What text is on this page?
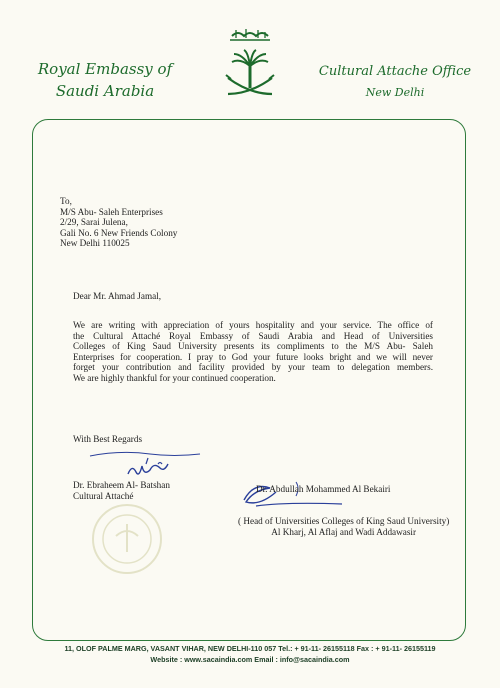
Royal Embassy of
Saudi Arabia
Cultural Attache Office
New Delhi
To,
M/S Abu- Saleh Enterprises
2/29, Sarai Julena,
Gali No. 6 New Friends Colony
New Delhi 110025
Dear Mr. Ahmad Jamal,
We are writing with appreciation of yours hospitality and your service. The office of
the Cultural Attaché Royal Embassy of Saudi Arabia and Head of Universities
Colleges of King Saud University presents its compliments to the M/S Abu- Saleh
Enterprises for cooperation. I pray to God your future looks bright and we will never
forget your contribution and facility provided by your team to delegation members.
We are highly thankful for your continued cooperation.
With Best Regards
Dr. Ebraheem Al- Batshan
Cultural Attaché
Dr. Abdullah Mohammed Al Bekairi
( Head of Universities Colleges of King Saud University)
Al Kharj, Al Aflaj and Wadi Addawasir
11, OLOF PALME MARG, VASANT VIHAR, NEW DELHI-110 057 Tel.: + 91-11- 26155118 Fax : + 91-11- 26155119
Website : www.sacaindia.com Email : info@sacaindia.com
